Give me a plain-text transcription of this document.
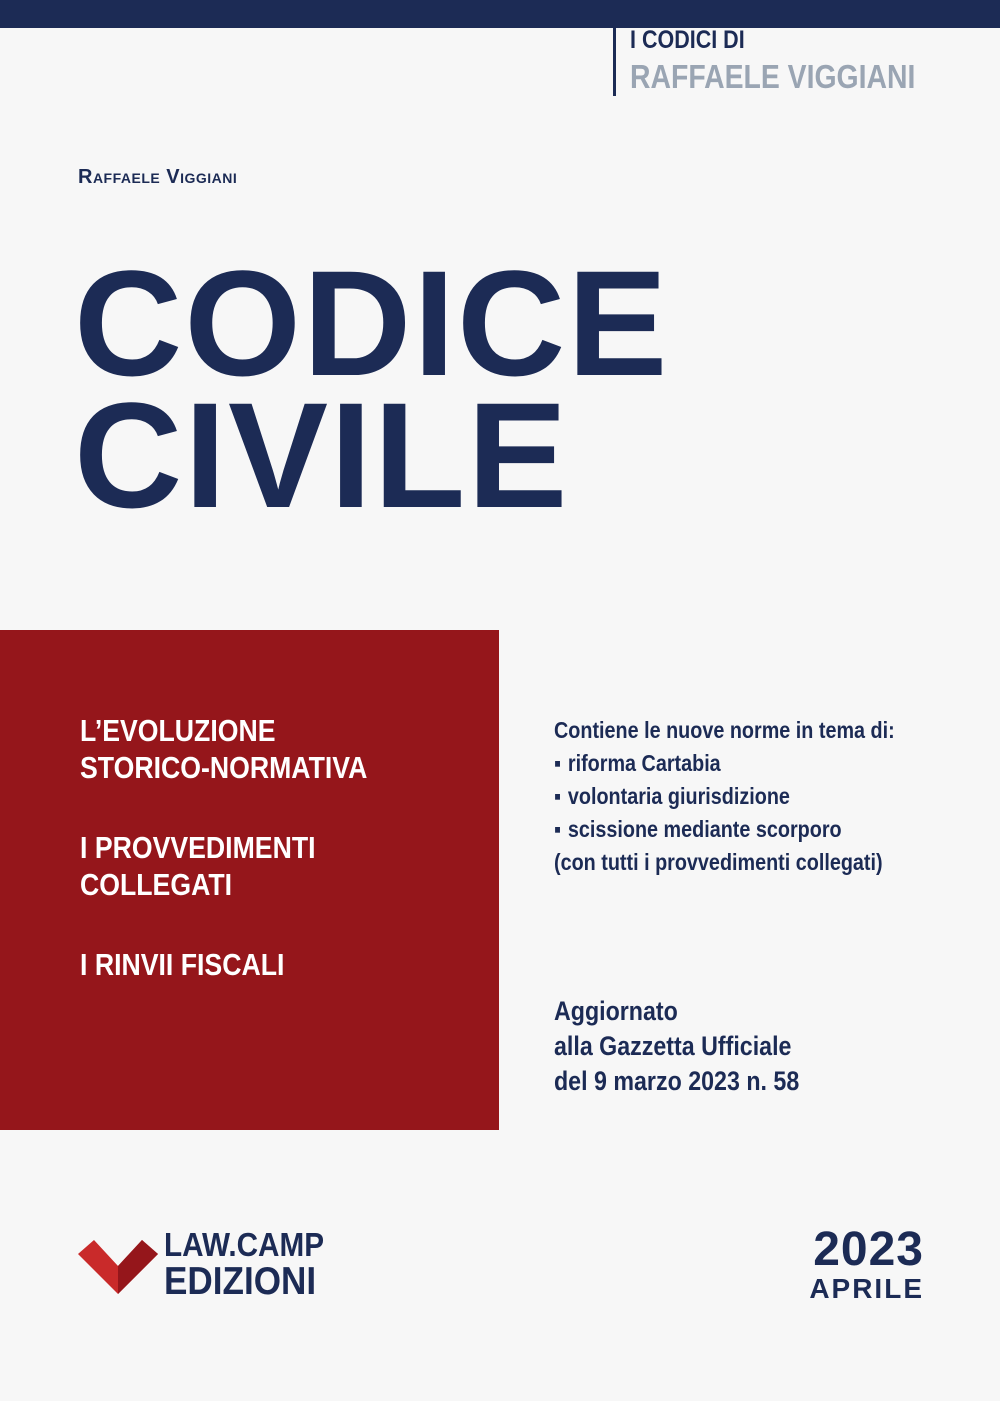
I CODICI DI

RAFFAELE VIGGIANI

Raffaele Viggiani

CODICE
CIVILE

L’EVOLUZIONE
STORICO-NORMATIVA

I PROVVEDIMENTI
COLLEGATI

I RINVII FISCALI

Contiene le nuove norme in tema di:
▪ riforma Cartabia
▪ volontaria giurisdizione
▪ scissione mediante scorporo
(con tutti i provvedimenti collegati)
Aggiornato
alla Gazzetta Ufficiale
del 9 marzo 2023 n. 58
LAW.CAMP
EDIZIONI
2023
APRILE
